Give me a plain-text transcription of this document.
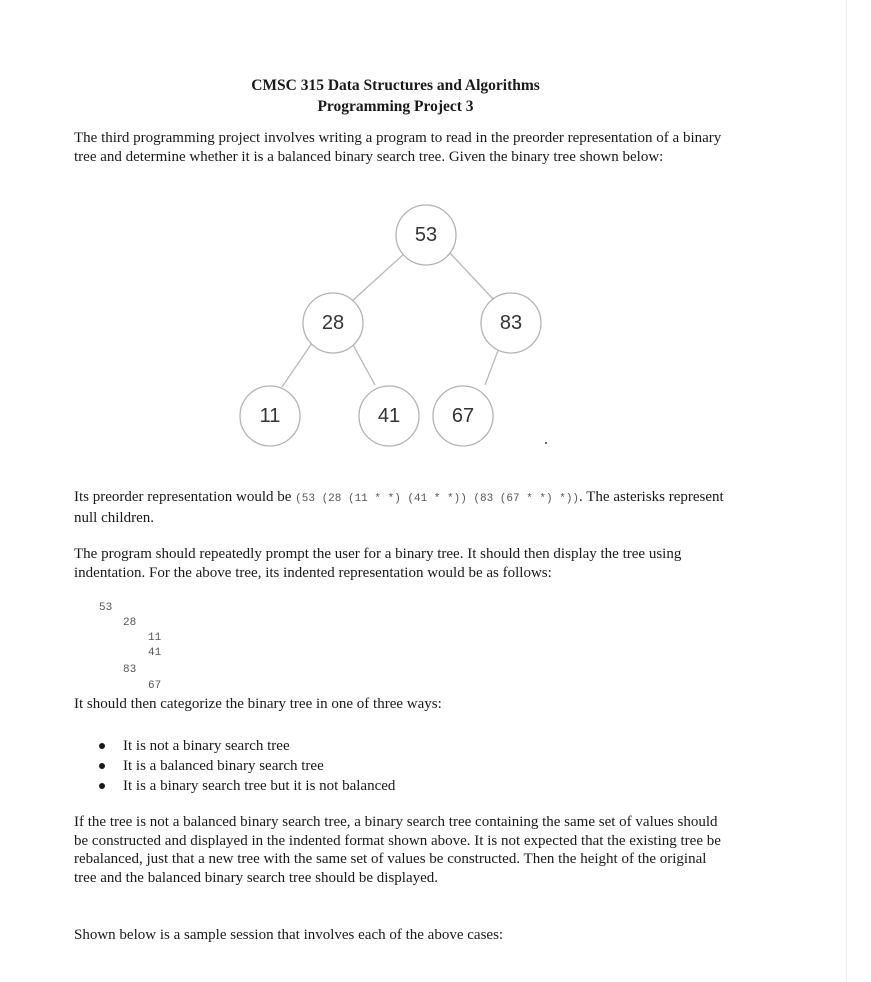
CMSC 315 Data Structures and Algorithms
Programming Project 3
The third programming project involves writing a program to read in the preorder representation of a binary tree and determine whether it is a balanced binary search tree. Given the binary tree shown below:
53
28	83
11	41	67
Its preorder representation would be (53 (28 (11 * *) (41 * *)) (83 (67 * *) *)). The asterisks represent null children.
The program should repeatedly prompt the user for a binary tree. It should then display the tree using indentation. For the above tree, its indented representation would be as follows:
53
28
11
41
83
67
It should then categorize the binary tree in one of three ways:
It is not a binary search tree
It is a balanced binary search tree
It is a binary search tree but it is not balanced
If the tree is not a balanced binary search tree, a binary search tree containing the same set of values should be constructed and displayed in the indented format shown above. It is not expected that the existing tree be rebalanced, just that a new tree with the same set of values be constructed. Then the height of the original tree and the balanced binary search tree should be displayed.
Shown below is a sample session that involves each of the above cases:
